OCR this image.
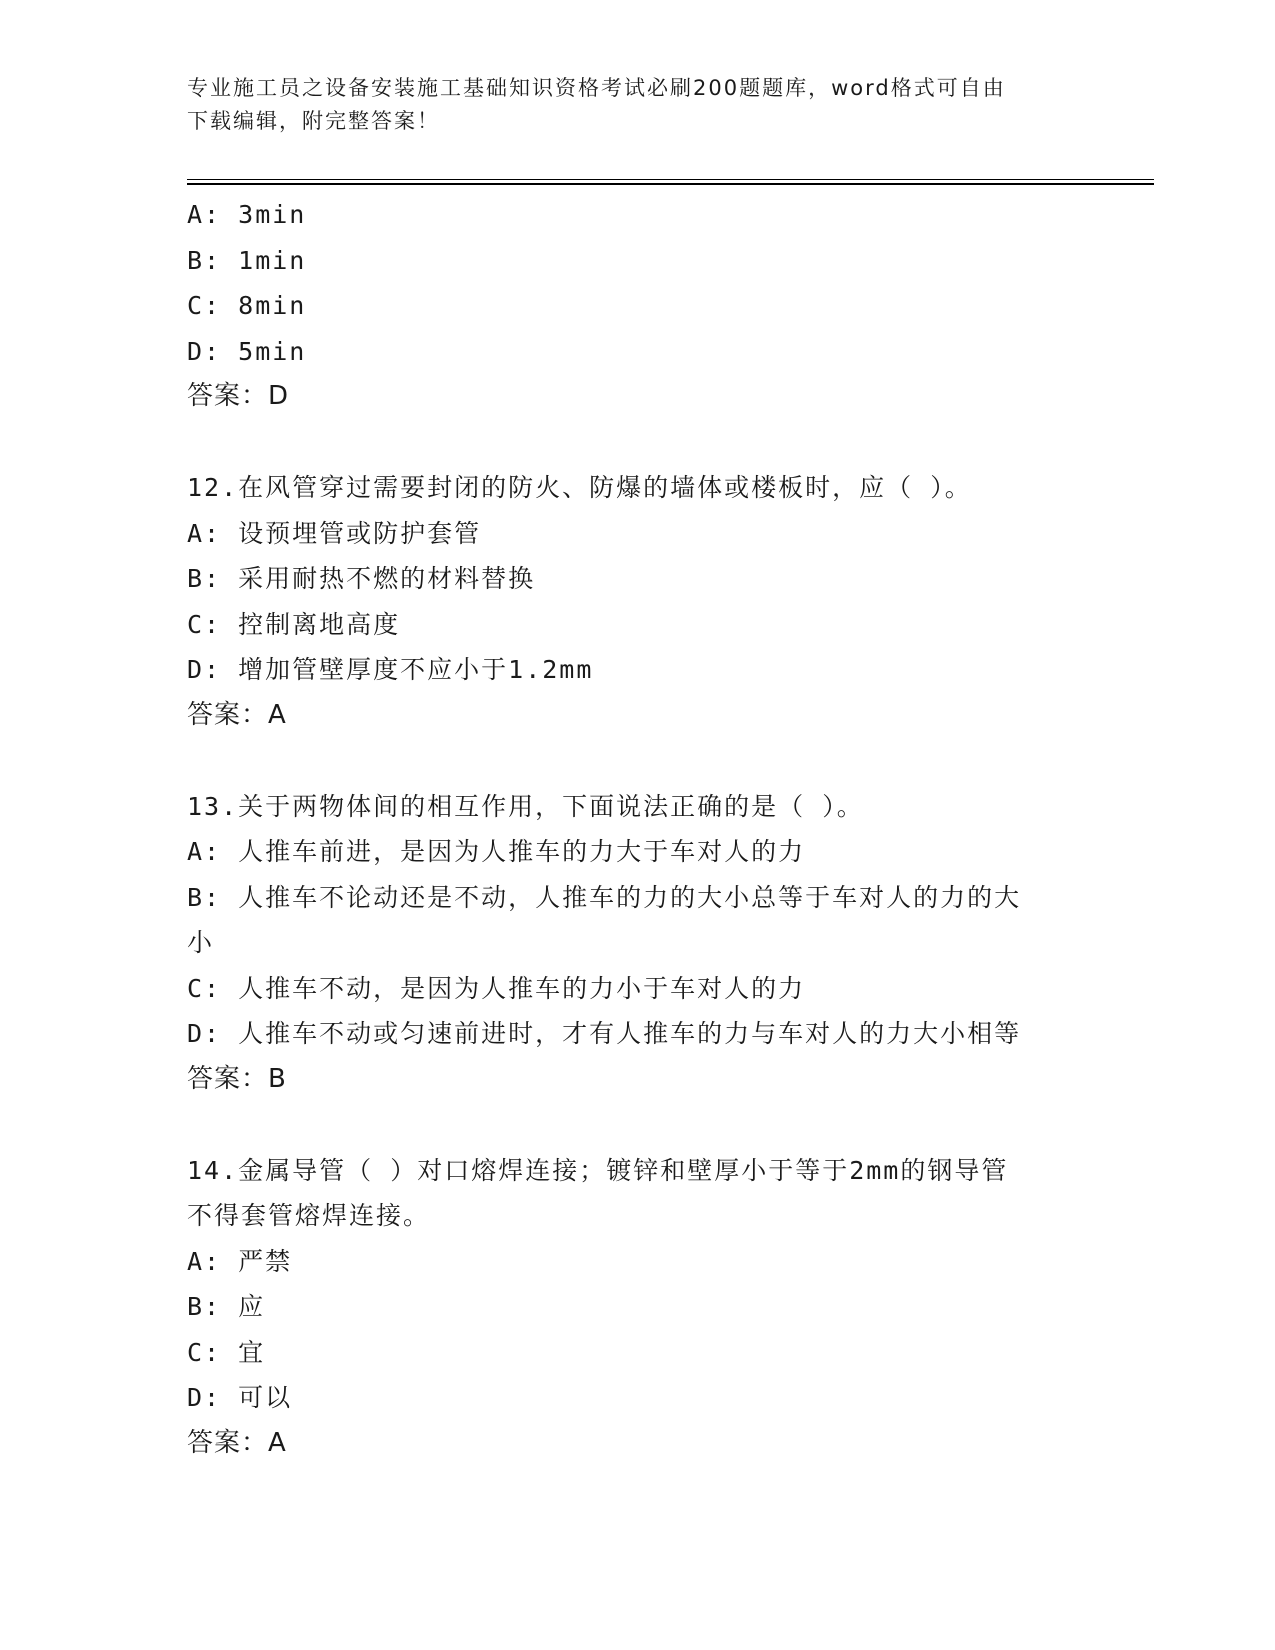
专业施工员之设备安装施工基础知识资格考试必刷200题题库，word格式可自由
下载编辑，附完整答案！
A: 3min
B: 1min
C: 8min
D: 5min
答案：D
12.在风管穿过需要封闭的防火、防爆的墙体或楼板时，应（ ）。
A: 设预埋管或防护套管
B: 采用耐热不燃的材料替换
C: 控制离地高度
D: 增加管壁厚度不应小于1.2mm
答案：A
13.关于两物体间的相互作用，下面说法正确的是（ ）。
A: 人推车前进，是因为人推车的力大于车对人的力
B: 人推车不论动还是不动，人推车的力的大小总等于车对人的力的大
小
C: 人推车不动，是因为人推车的力小于车对人的力
D: 人推车不动或匀速前进时，才有人推车的力与车对人的力大小相等
答案：B
14.金属导管（ ）对口熔焊连接；镀锌和壁厚小于等于2mm的钢导管
不得套管熔焊连接。
A: 严禁
B: 应
C: 宜
D: 可以
答案：A
